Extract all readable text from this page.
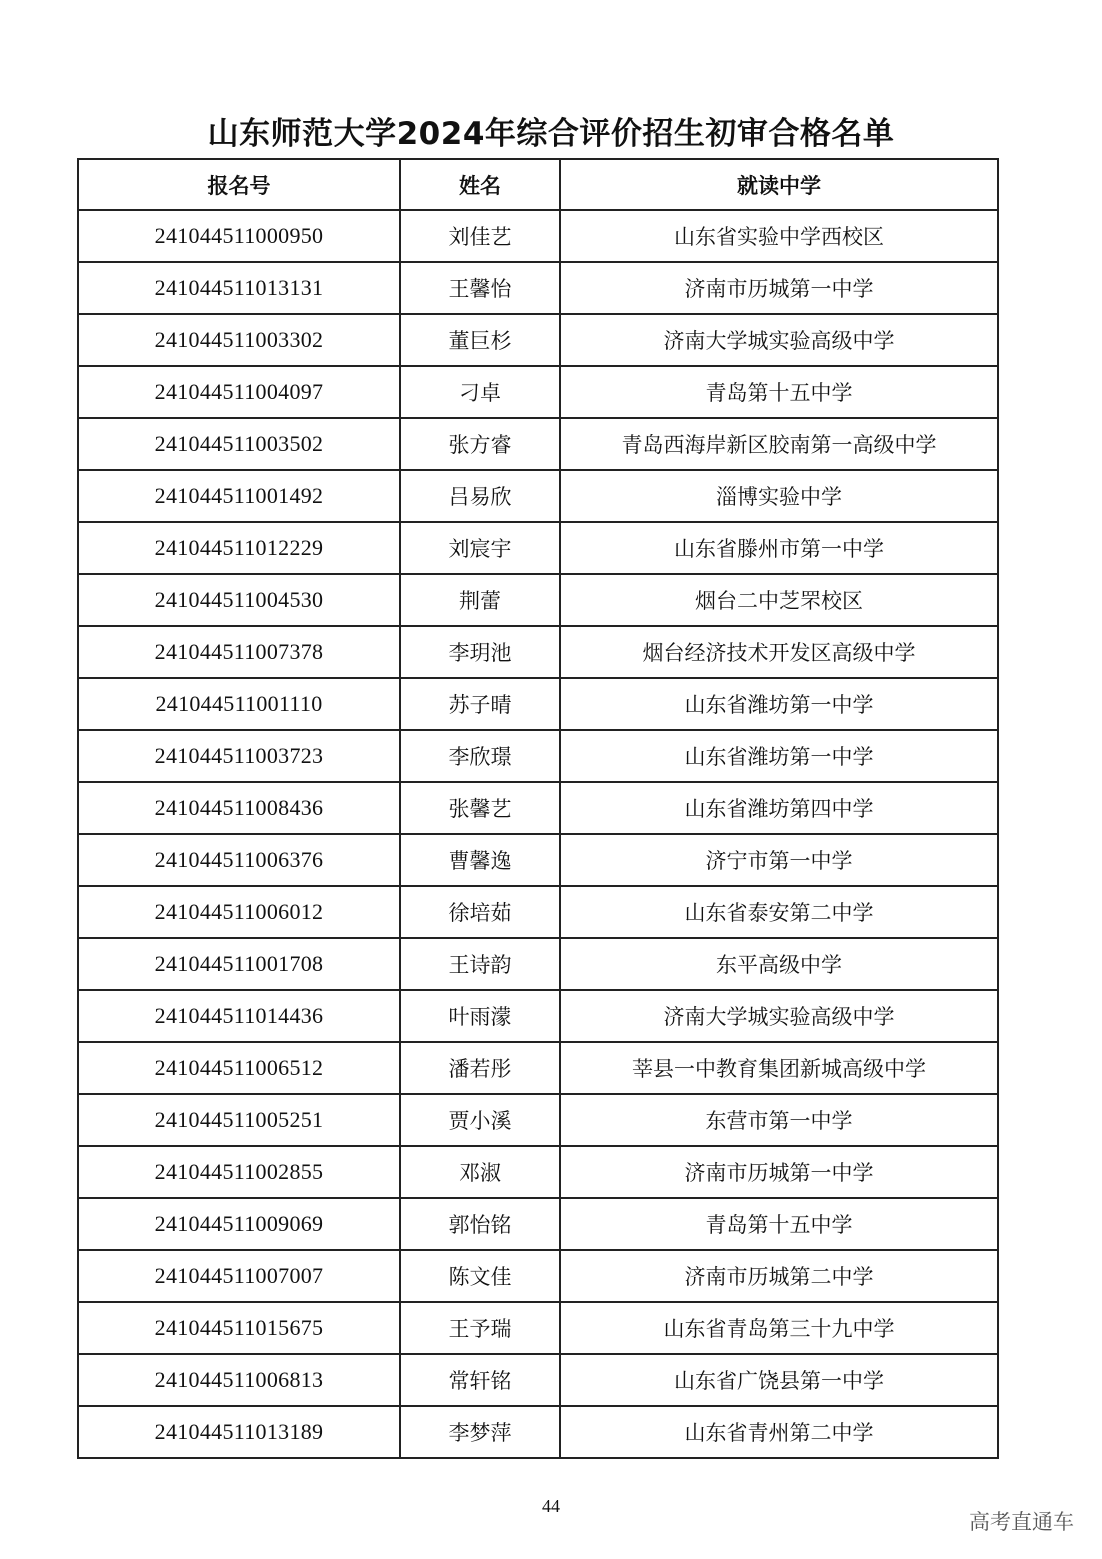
山东师范大学2024年综合评价招生初审合格名单
报名号	姓名	就读中学
241044511000950	刘佳艺	山东省实验中学西校区
241044511013131	王馨怡	济南市历城第一中学
241044511003302	董巨杉	济南大学城实验高级中学
241044511004097	刁卓	青岛第十五中学
241044511003502	张方睿	青岛西海岸新区胶南第一高级中学
241044511001492	吕易欣	淄博实验中学
241044511012229	刘宸宇	山东省滕州市第一中学
241044511004530	荆蕾	烟台二中芝罘校区
241044511007378	李玥池	烟台经济技术开发区高级中学
241044511001110	苏子晴	山东省潍坊第一中学
241044511003723	李欣璟	山东省潍坊第一中学
241044511008436	张馨艺	山东省潍坊第四中学
241044511006376	曹馨逸	济宁市第一中学
241044511006012	徐培茹	山东省泰安第二中学
241044511001708	王诗韵	东平高级中学
241044511014436	叶雨濛	济南大学城实验高级中学
241044511006512	潘若彤	莘县一中教育集团新城高级中学
241044511005251	贾小溪	东营市第一中学
241044511002855	邓淑	济南市历城第一中学
241044511009069	郭怡铭	青岛第十五中学
241044511007007	陈文佳	济南市历城第二中学
241044511015675	王予瑞	山东省青岛第三十九中学
241044511006813	常轩铭	山东省广饶县第一中学
241044511013189	李梦萍	山东省青州第二中学
44
高考直通车
